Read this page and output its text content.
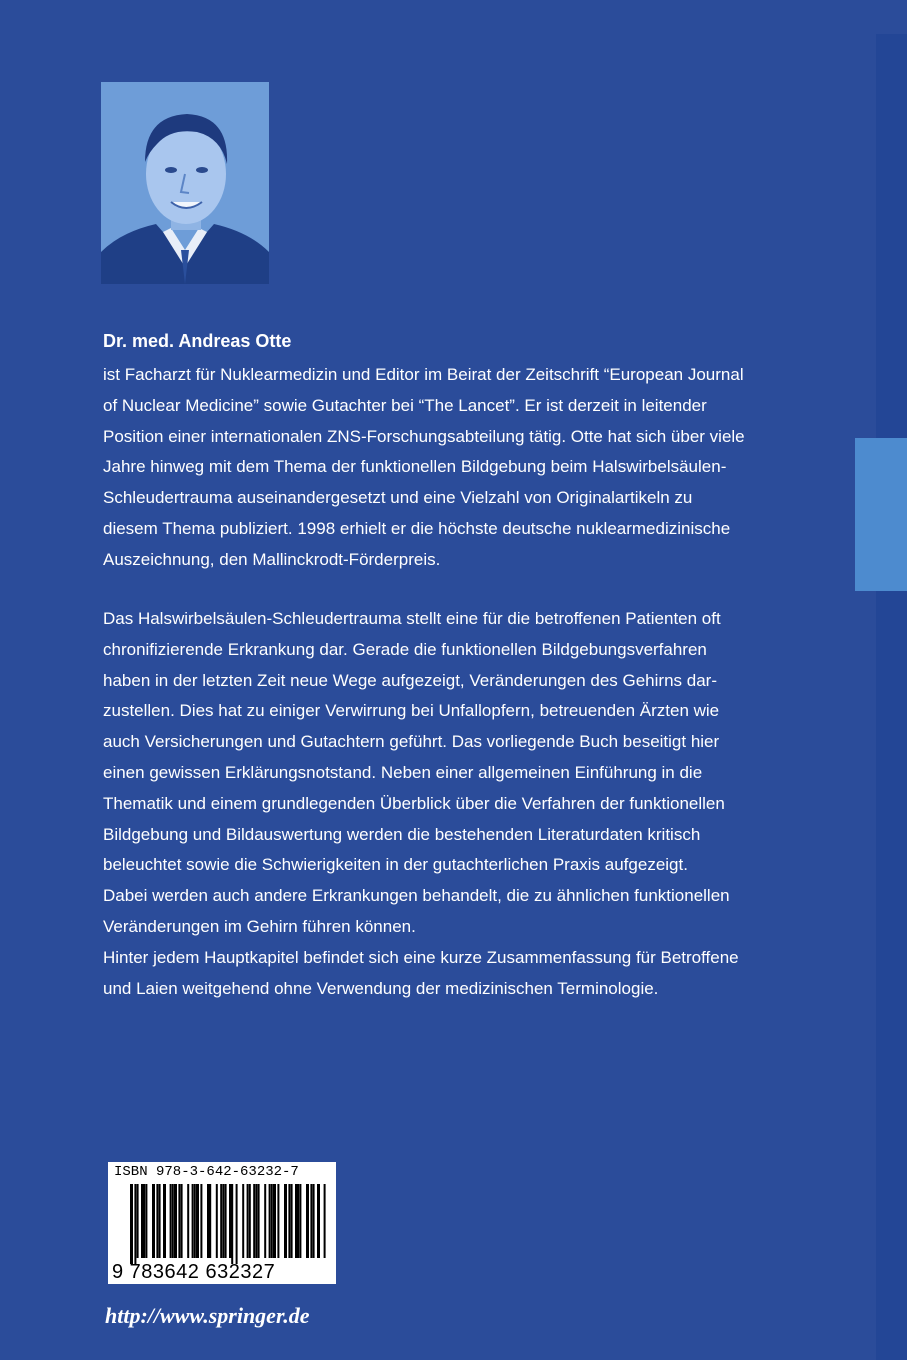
Dr. med. Andreas Otte
ist Facharzt für Nuklearmedizin und Editor im Beirat der Zeitschrift “European Journal
of Nuclear Medicine” sowie Gutachter bei “The Lancet”. Er ist derzeit in leitender
Position einer internationalen ZNS-Forschungsabteilung tätig. Otte hat sich über viele
Jahre hinweg mit dem Thema der funktionellen Bildgebung beim Halswirbelsäulen-
Schleudertrauma auseinandergesetzt und eine Vielzahl von Originalartikeln zu
diesem Thema publiziert. 1998 erhielt er die höchste deutsche nuklearmedizinische
Auszeichnung, den Mallinckrodt-Förderpreis.
Das Halswirbelsäulen-Schleudertrauma stellt eine für die betroffenen Patienten oft
chronifizierende Erkrankung dar. Gerade die funktionellen Bildgebungsverfahren
haben in der letzten Zeit neue Wege aufgezeigt, Veränderungen des Gehirns dar-
zustellen. Dies hat zu einiger Verwirrung bei Unfallopfern, betreuenden Ärzten wie
auch Versicherungen und Gutachtern geführt. Das vorliegende Buch beseitigt hier
einen gewissen Erklärungsnotstand. Neben einer allgemeinen Einführung in die
Thematik und einem grundlegenden Überblick über die Verfahren der funktionellen
Bildgebung und Bildauswertung werden die bestehenden Literaturdaten kritisch
beleuchtet sowie die Schwierigkeiten in der gutachterlichen Praxis aufgezeigt.
Dabei werden auch andere Erkrankungen behandelt, die zu ähnlichen funktionellen
Veränderungen im Gehirn führen können.
Hinter jedem Hauptkapitel befindet sich eine kurze Zusammenfassung für Betroffene
und Laien weitgehend ohne Verwendung der medizinischen Terminologie.
ISBN 978-3-642-63232-7
9 783642 632327
http://www.springer.de
